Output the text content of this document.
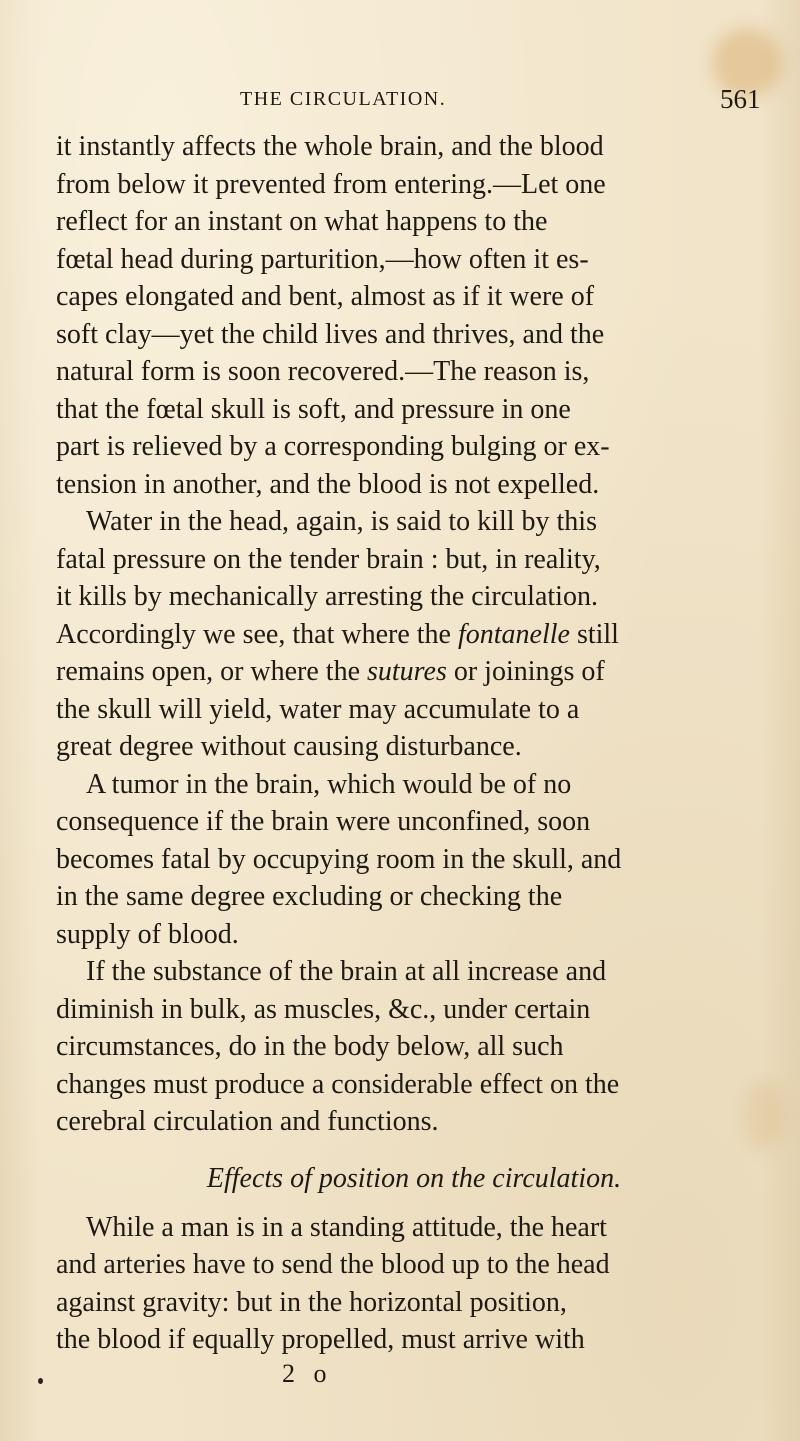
THE CIRCULATION.	561
it instantly affects the whole brain, and the blood
from below it prevented from entering.—Let one
reflect for an instant on what happens to the
fœtal head during parturition,—how often it es-
capes elongated and bent, almost as if it were of
soft clay—yet the child lives and thrives, and the
natural form is soon recovered.—The reason is,
that the fœtal skull is soft, and pressure in one
part is relieved by a corresponding bulging or ex-
tension in another, and the blood is not expelled.
Water in the head, again, is said to kill by this
fatal pressure on the tender brain : but, in reality,
it kills by mechanically arresting the circulation.
Accordingly we see, that where the fontanelle still
remains open, or where the sutures or joinings of
the skull will yield, water may accumulate to a
great degree without causing disturbance.
A tumor in the brain, which would be of no
consequence if the brain were unconfined, soon
becomes fatal by occupying room in the skull, and
in the same degree excluding or checking the
supply of blood.
If the substance of the brain at all increase and
diminish in bulk, as muscles, &c., under certain
circumstances, do in the body below, all such
changes must produce a considerable effect on the
cerebral circulation and functions.
Effects of position on the circulation.
While a man is in a standing attitude, the heart
and arteries have to send the blood up to the head
against gravity: but in the horizontal position,
the blood if equally propelled, must arrive with
2 o
